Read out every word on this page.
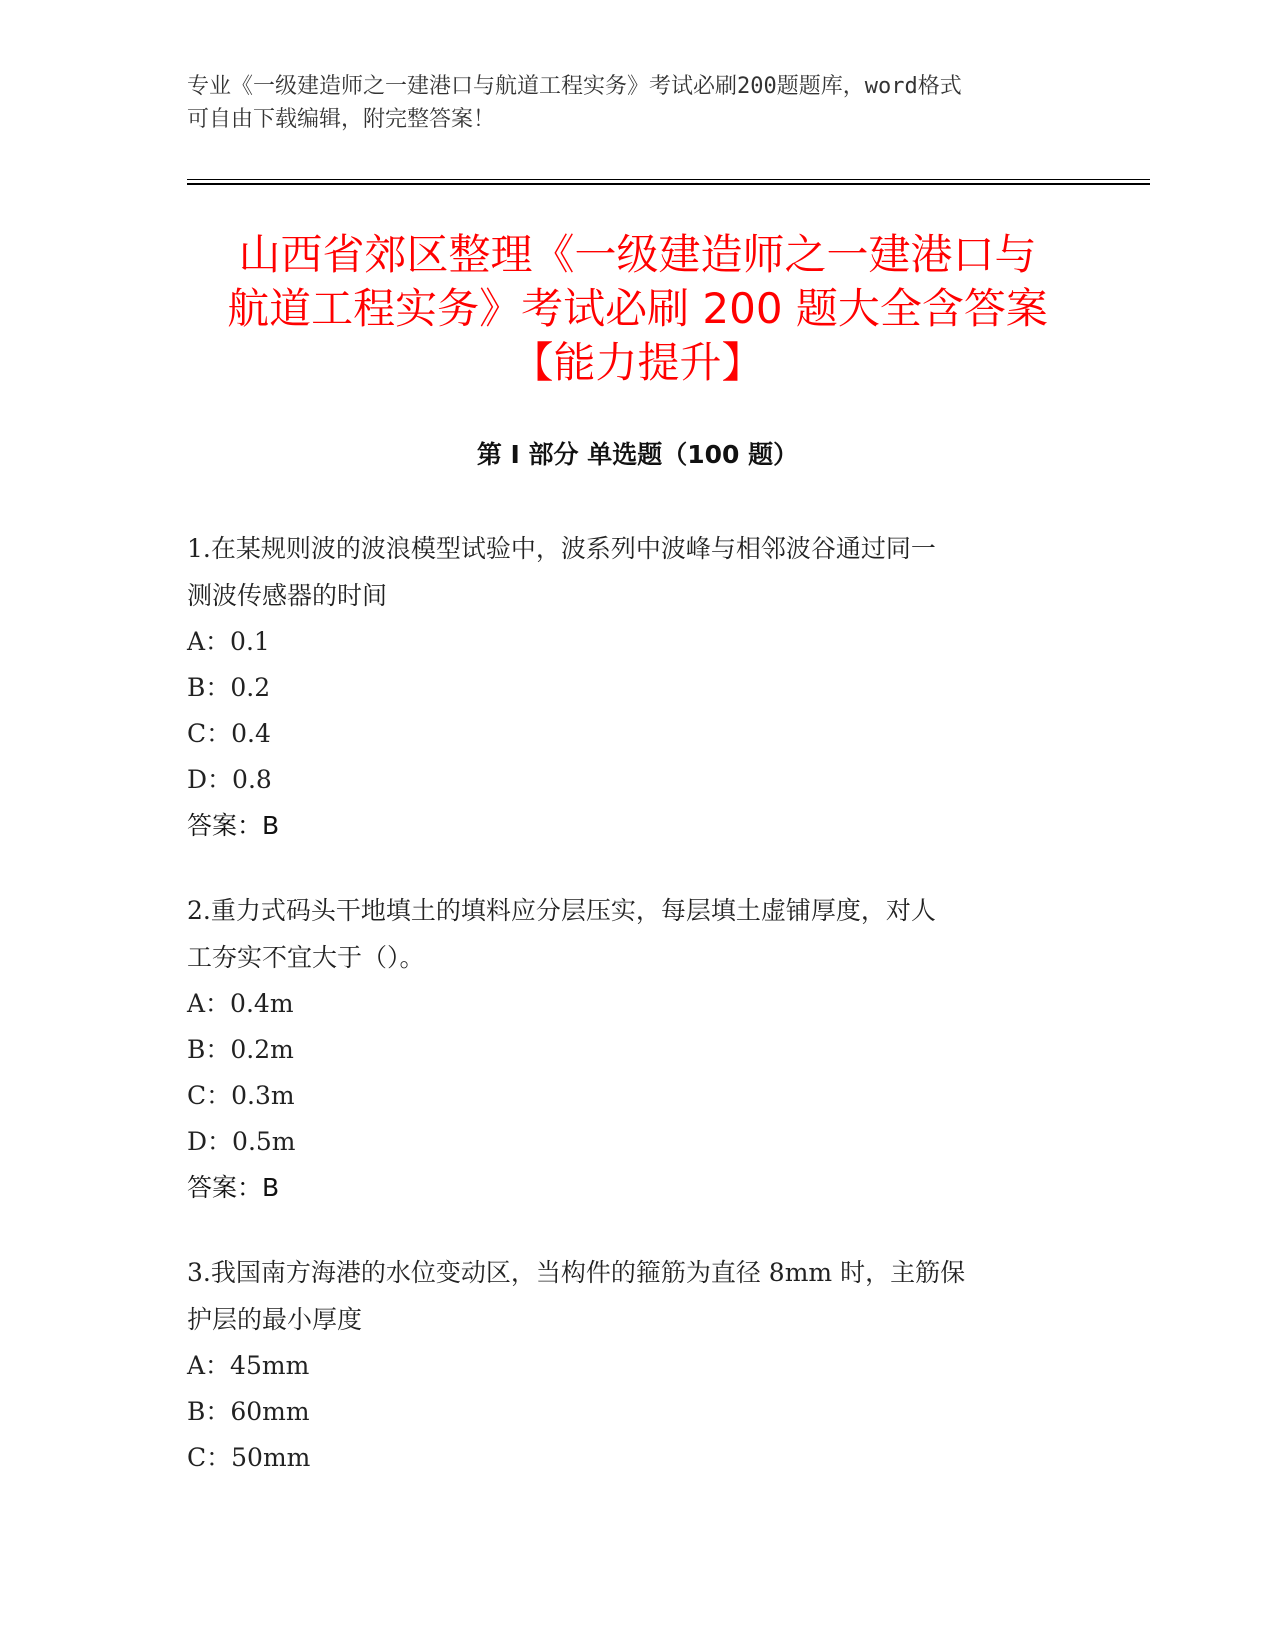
专业《一级建造师之一建港口与航道工程实务》考试必刷200题题库，word格式
可自由下载编辑，附完整答案！

山西省郊区整理《一级建造师之一建港口与
航道工程实务》考试必刷 200 题大全含答案
【能力提升】
第 I 部分 单选题（100 题）

1.在某规则波的波浪模型试验中，波系列中波峰与相邻波谷通过同一
测波传感器的时间

A：0.1

B：0.2

C：0.4

D：0.8

答案：B

2.重力式码头干地填土的填料应分层压实，每层填土虚铺厚度，对人
工夯实不宜大于（）。

A：0.4m

B：0.2m

C：0.3m

D：0.5m

答案：B

3.我国南方海港的水位变动区，当构件的箍筋为直径 8mm 时，主筋保
护层的最小厚度

A：45mm

B：60mm

C：50mm
